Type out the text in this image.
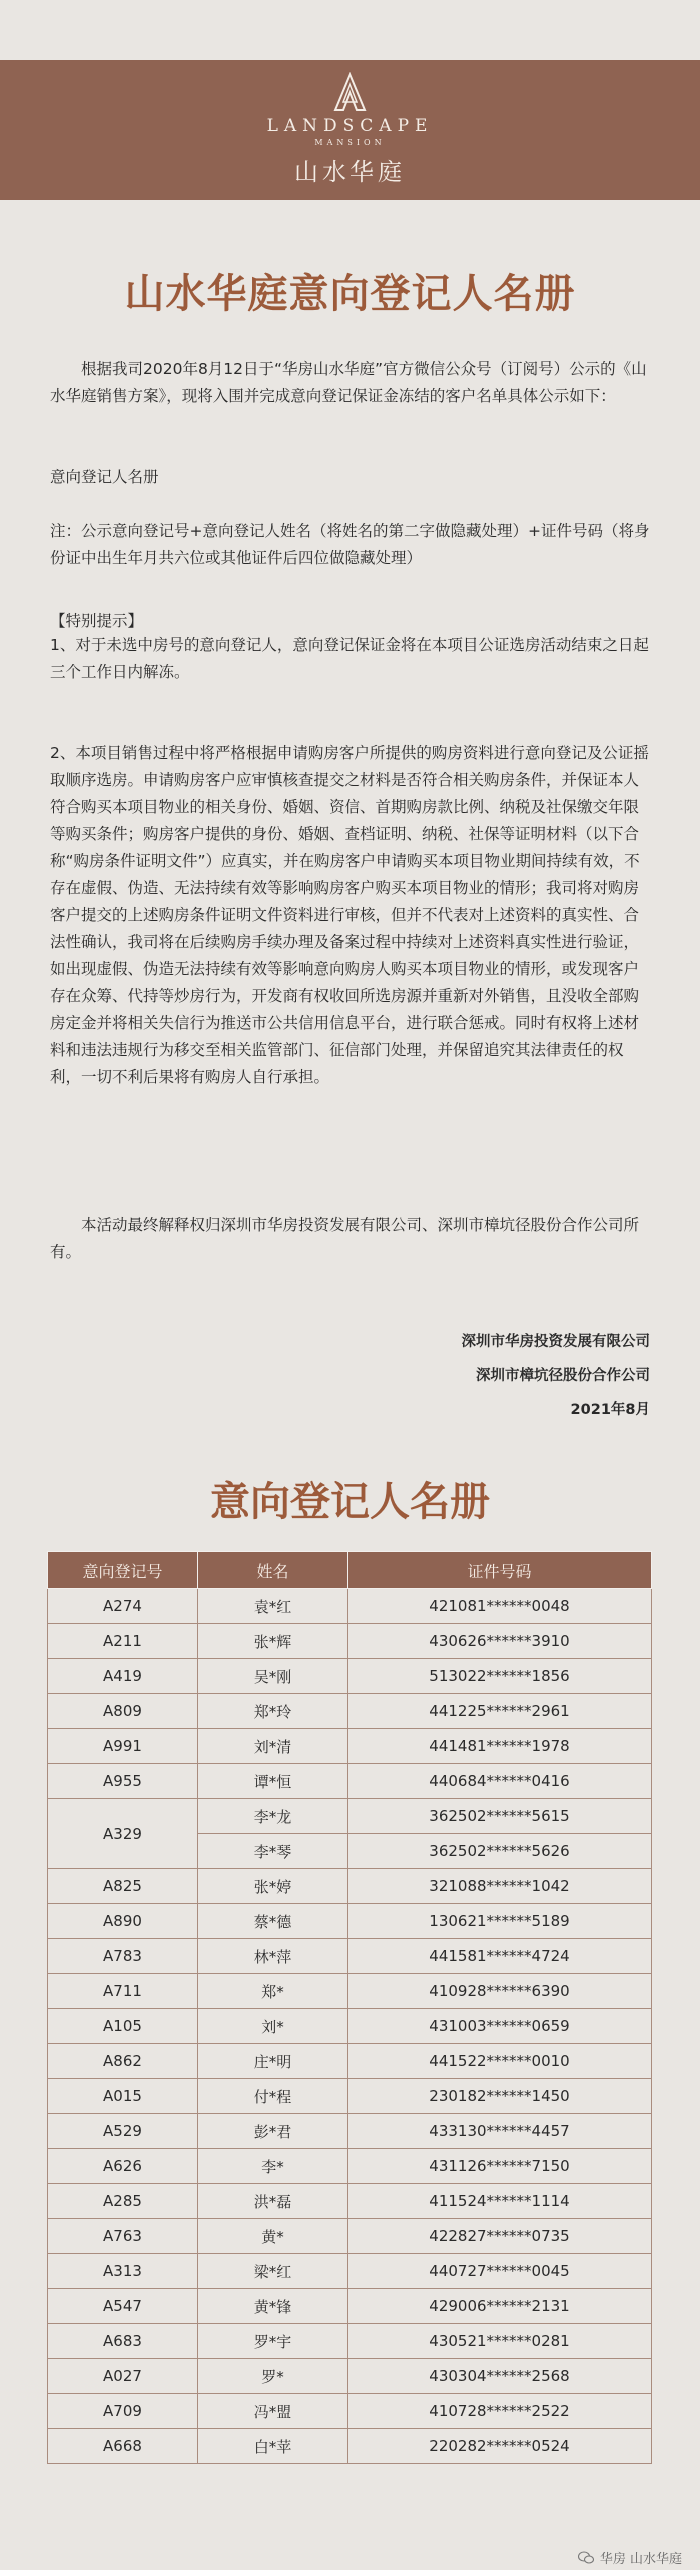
LANDSCAPE
MANSION
山水华庭
山水华庭意向登记人名册
根据我司2020年8月12日于“华房山水华庭”官方微信公众号（订阅号）公示的《山水华庭销售方案》，现将入围并完成意向登记保证金冻结的客户名单具体公示如下：
意向登记人名册
注：公示意向登记号+意向登记人姓名（将姓名的第二字做隐藏处理）+证件号码（将身份证中出生年月共六位或其他证件后四位做隐藏处理）
【特别提示】
1、对于未选中房号的意向登记人，意向登记保证金将在本项目公证选房活动结束之日起三个工作日内解冻。
2、本项目销售过程中将严格根据申请购房客户所提供的购房资料进行意向登记及公证摇取顺序选房。申请购房客户应审慎核查提交之材料是否符合相关购房条件，并保证本人符合购买本项目物业的相关身份、婚姻、资信、首期购房款比例、纳税及社保缴交年限等购买条件；购房客户提供的身份、婚姻、查档证明、纳税、社保等证明材料（以下合称“购房条件证明文件”）应真实，并在购房客户申请购买本项目物业期间持续有效，不存在虚假、伪造、无法持续有效等影响购房客户购买本项目物业的情形；我司将对购房客户提交的上述购房条件证明文件资料进行审核，但并不代表对上述资料的真实性、合法性确认，我司将在后续购房手续办理及备案过程中持续对上述资料真实性进行验证，如出现虚假、伪造无法持续有效等影响意向购房人购买本项目物业的情形，或发现客户存在众筹、代持等炒房行为，开发商有权收回所选房源并重新对外销售，且没收全部购房定金并将相关失信行为推送市公共信用信息平台，进行联合惩戒。同时有权将上述材料和违法违规行为移交至相关监管部门、征信部门处理，并保留追究其法律责任的权利，一切不利后果将有购房人自行承担。
本活动最终解释权归深圳市华房投资发展有限公司、深圳市樟坑径股份合作公司所有。
深圳市华房投资发展有限公司
深圳市樟坑径股份合作公司
2021年8月
意向登记人名册
意向登记号	姓名	证件号码
A274	袁*红	421081******0048
A211	张*辉	430626******3910
A419	吴*刚	513022******1856
A809	郑*玲	441225******2961
A991	刘*清	441481******1978
A955	谭*恒	440684******0416
A329	李*龙	362502******5615
	李*琴	362502******5626
A825	张*婷	321088******1042
A890	蔡*德	130621******5189
A783	林*萍	441581******4724
A711	郑*	410928******6390
A105	刘*	431003******0659
A862	庄*明	441522******0010
A015	付*程	230182******1450
A529	彭*君	433130******4457
A626	李*	431126******7150
A285	洪*磊	411524******1114
A763	黄*	422827******0735
A313	梁*红	440727******0045
A547	黄*锋	429006******2131
A683	罗*宇	430521******0281
A027	罗*	430304******2568
A709	冯*盟	410728******2522
A668	白*苹	220282******0524
华房 山水华庭
